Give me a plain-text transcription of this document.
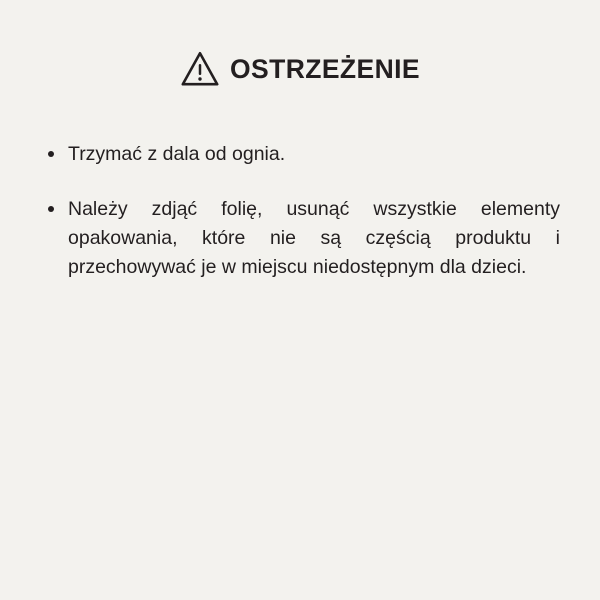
OSTRZEŻENIE
Trzymać z dala od ognia.
Należy zdjąć folię, usunąć wszystkie elementy opakowania, które nie są częścią produktu i przechowywać je w miejscu niedostępnym dla dzieci.
